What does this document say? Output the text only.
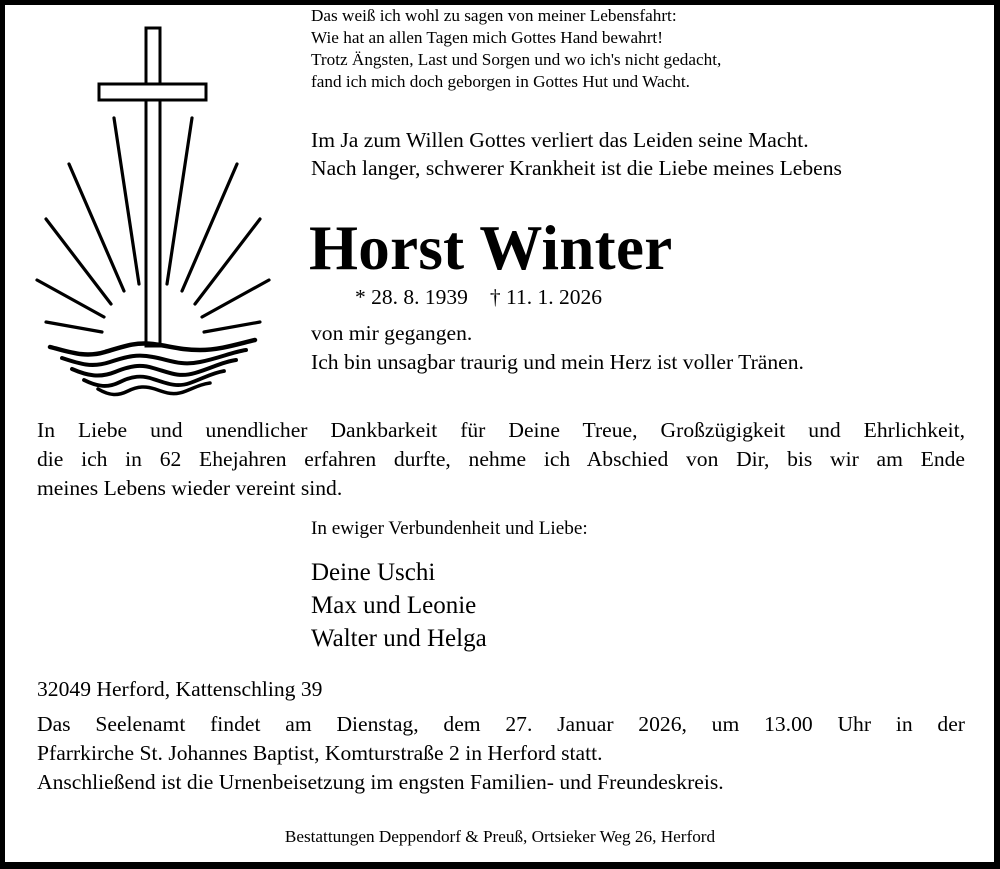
Das weiß ich wohl zu sagen von meiner Lebensfahrt:

Wie hat an allen Tagen mich Gottes Hand bewahrt!

Trotz Ängsten, Last und Sorgen und wo ich's nicht gedacht,

fand ich mich doch geborgen in Gottes Hut und Wacht.

Im Ja zum Willen Gottes verliert das Leiden seine Macht.

Nach langer, schwerer Krankheit ist die Liebe meines Lebens

Horst Winter

* 28. 8. 1939 † 11. 1. 2026

von mir gegangen.

Ich bin unsagbar traurig und mein Herz ist voller Tränen.

In Liebe und unendlicher Dankbarkeit für Deine Treue, Großzügigkeit und Ehrlichkeit,
die ich in 62 Ehejahren erfahren durfte, nehme ich Abschied von Dir, bis wir am Ende
meines Lebens wieder vereint sind.

In ewiger Verbundenheit und Liebe:

Deine Uschi

Max und Leonie

Walter und Helga

32049 Herford, Kattenschling 39

Das Seelenamt findet am Dienstag, dem 27. Januar 2026, um 13.00 Uhr in der
Pfarrkirche St. Johannes Baptist, Komturstraße 2 in Herford statt.
Anschließend ist die Urnenbeisetzung im engsten Familien- und Freundeskreis.

Bestattungen Deppendorf & Preuß, Ortsieker Weg 26, Herford
